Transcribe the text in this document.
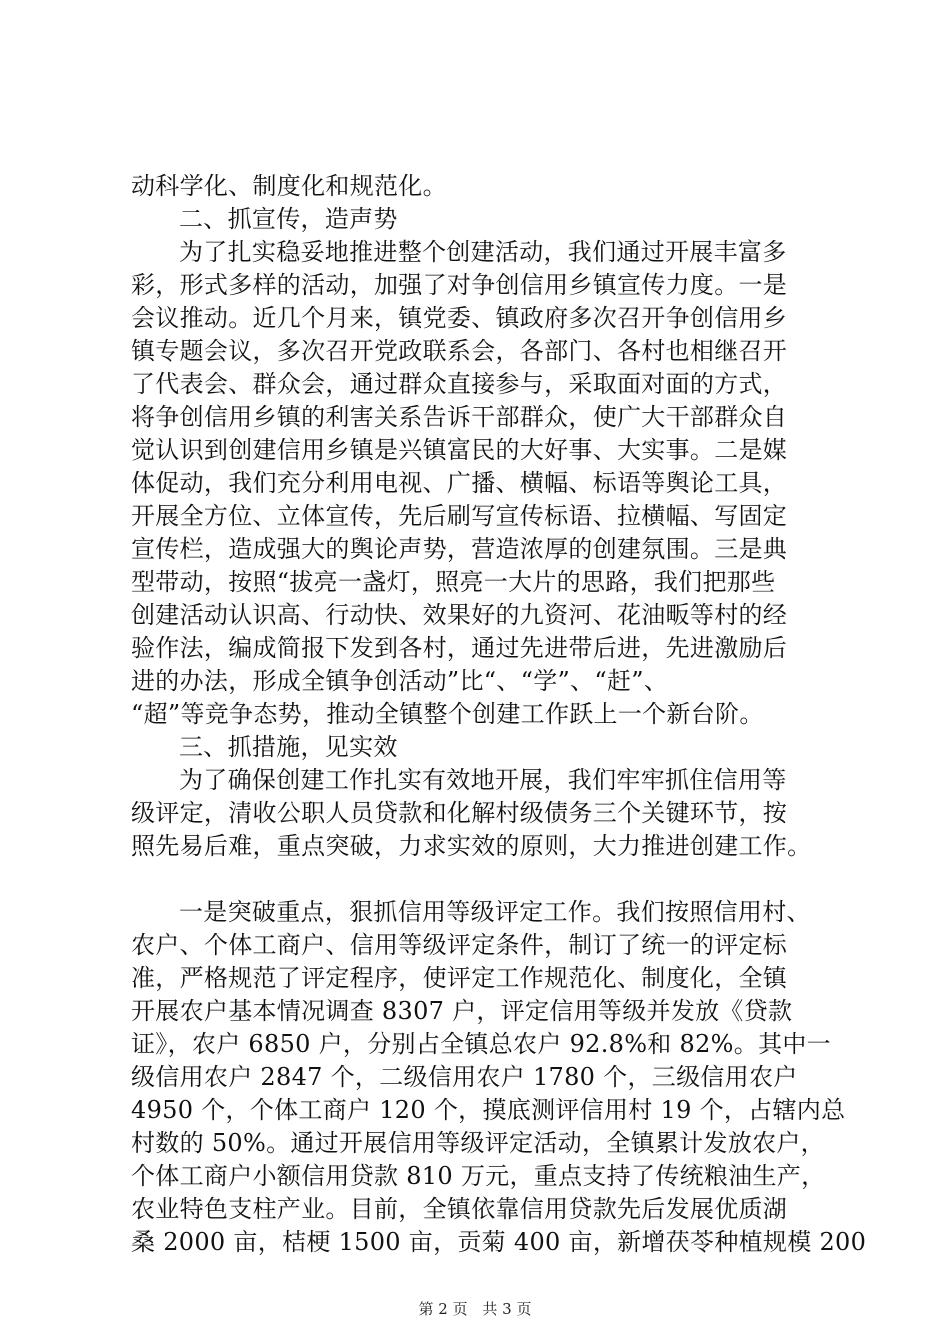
动科学化、制度化和规范化。
二、抓宣传，造声势
为了扎实稳妥地推进整个创建活动，我们通过开展丰富多
彩，形式多样的活动，加强了对争创信用乡镇宣传力度。一是
会议推动。近几个月来，镇党委、镇政府多次召开争创信用乡
镇专题会议，多次召开党政联系会，各部门、各村也相继召开
了代表会、群众会，通过群众直接参与，采取面对面的方式，
将争创信用乡镇的利害关系告诉干部群众，使广大干部群众自
觉认识到创建信用乡镇是兴镇富民的大好事、大实事。二是媒
体促动，我们充分利用电视、广播、横幅、标语等舆论工具，
开展全方位、立体宣传，先后刷写宣传标语、拉横幅、写固定
宣传栏，造成强大的舆论声势，营造浓厚的创建氛围。三是典
型带动，按照“拔亮一盏灯，照亮一大片的思路，我们把那些
创建活动认识高、行动快、效果好的九资河、花油畈等村的经
验作法，编成简报下发到各村，通过先进带后进，先进激励后
进的办法，形成全镇争创活动”比“、“学”、“赶”、
“超”等竞争态势，推动全镇整个创建工作跃上一个新台阶。
三、抓措施，见实效
为了确保创建工作扎实有效地开展，我们牢牢抓住信用等
级评定，清收公职人员贷款和化解村级债务三个关键环节，按
照先易后难，重点突破，力求实效的原则，大力推进创建工作。
一是突破重点，狠抓信用等级评定工作。我们按照信用村、
农户、个体工商户、信用等级评定条件，制订了统一的评定标
准，严格规范了评定程序，使评定工作规范化、制度化，全镇
开展农户基本情况调查 8307 户，评定信用等级并发放《贷款
证》，农户 6850 户，分别占全镇总农户 92.8%和 82%。其中一
级信用农户 2847 个，二级信用农户 1780 个，三级信用农户
4950 个，个体工商户 120 个，摸底测评信用村 19 个，占辖内总
村数的 50%。通过开展信用等级评定活动，全镇累计发放农户，
个体工商户小额信用贷款 810 万元，重点支持了传统粮油生产，
农业特色支柱产业。目前，全镇依靠信用贷款先后发展优质湖
桑 2000 亩，桔梗 1500 亩，贡菊 400 亩，新增茯苓种植规模 200
第 2 页 共 3 页
